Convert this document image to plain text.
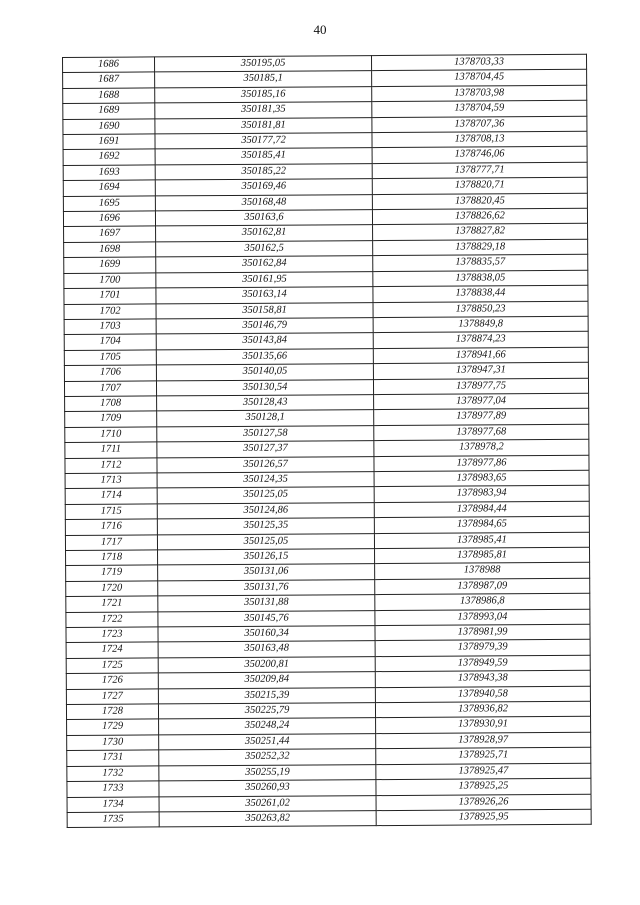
40
1686	350195,05	1378703,33
1687	350185,1	1378704,45
1688	350185,16	1378703,98
1689	350181,35	1378704,59
1690	350181,81	1378707,36
1691	350177,72	1378708,13
1692	350185,41	1378746,06
1693	350185,22	1378777,71
1694	350169,46	1378820,71
1695	350168,48	1378820,45
1696	350163,6	1378826,62
1697	350162,81	1378827,82
1698	350162,5	1378829,18
1699	350162,84	1378835,57
1700	350161,95	1378838,05
1701	350163,14	1378838,44
1702	350158,81	1378850,23
1703	350146,79	1378849,8
1704	350143,84	1378874,23
1705	350135,66	1378941,66
1706	350140,05	1378947,31
1707	350130,54	1378977,75
1708	350128,43	1378977,04
1709	350128,1	1378977,89
1710	350127,58	1378977,68
1711	350127,37	1378978,2
1712	350126,57	1378977,86
1713	350124,35	1378983,65
1714	350125,05	1378983,94
1715	350124,86	1378984,44
1716	350125,35	1378984,65
1717	350125,05	1378985,41
1718	350126,15	1378985,81
1719	350131,06	1378988
1720	350131,76	1378987,09
1721	350131,88	1378986,8
1722	350145,76	1378993,04
1723	350160,34	1378981,99
1724	350163,48	1378979,39
1725	350200,81	1378949,59
1726	350209,84	1378943,38
1727	350215,39	1378940,58
1728	350225,79	1378936,82
1729	350248,24	1378930,91
1730	350251,44	1378928,97
1731	350252,32	1378925,71
1732	350255,19	1378925,47
1733	350260,93	1378925,25
1734	350261,02	1378926,26
1735	350263,82	1378925,95
